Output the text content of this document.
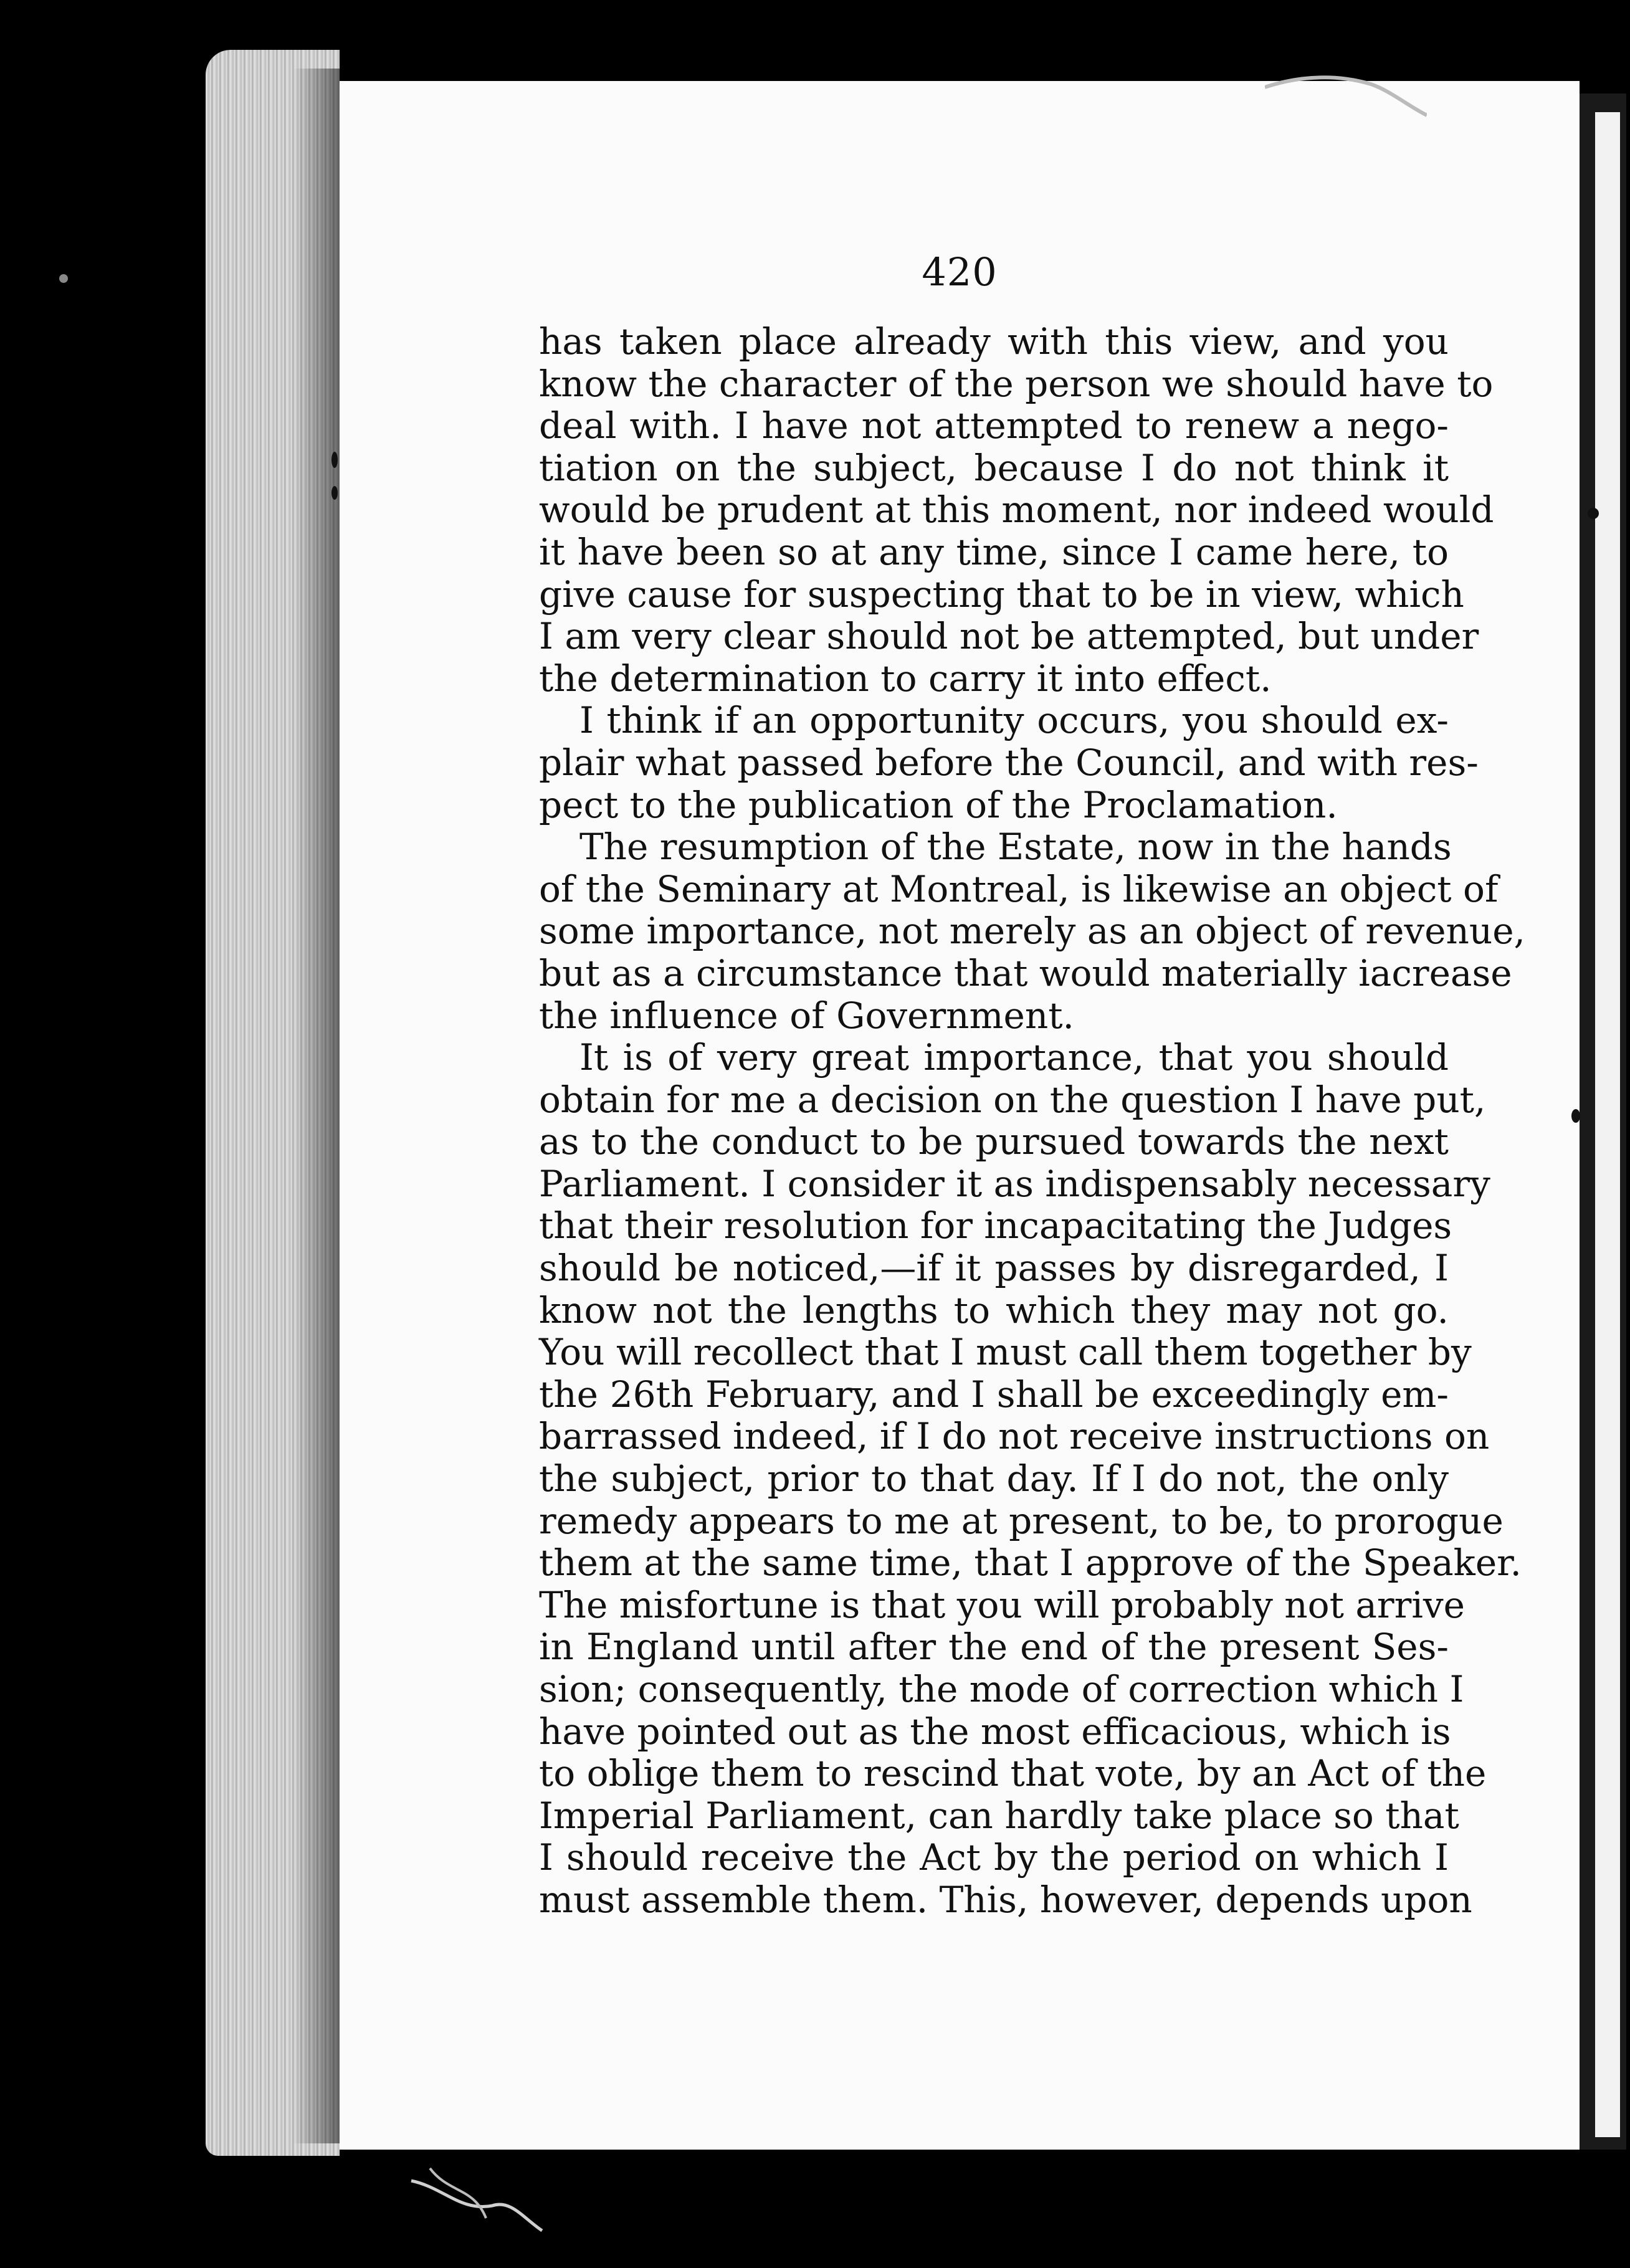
420
has taken place already with this view, and you
know the character of the person we should have to
deal with. I have not attempted to renew a nego-
tiation on the subject, because I do not think it
would be prudent at this moment, nor indeed would
it have been so at any time, since I came here, to
give cause for suspecting that to be in view, which
I am very clear should not be attempted, but under
the determination to carry it into effect.
I think if an opportunity occurs, you should ex-
plair what passed before the Council, and with res-
pect to the publication of the Proclamation.
The resumption of the Estate, now in the hands
of the Seminary at Montreal, is likewise an object of
some importance, not merely as an object of revenue,
but as a circumstance that would materially iacrease
the influence of Government.
It is of very great importance, that you should
obtain for me a decision on the question I have put,
as to the conduct to be pursued towards the next
Parliament. I consider it as indispensably necessary
that their resolution for incapacitating the Judges
should be noticed,—if it passes by disregarded, I
know not the lengths to which they may not go.
You will recollect that I must call them together by
the 26th February, and I shall be exceedingly em-
barrassed indeed, if I do not receive instructions on
the subject, prior to that day. If I do not, the only
remedy appears to me at present, to be, to prorogue
them at the same time, that I approve of the Speaker.
The misfortune is that you will probably not arrive
in England until after the end of the present Ses-
sion; consequently, the mode of correction which I
have pointed out as the most efficacious, which is
to oblige them to rescind that vote, by an Act of the
Imperial Parliament, can hardly take place so that
I should receive the Act by the period on which I
must assemble them. This, however, depends upon
